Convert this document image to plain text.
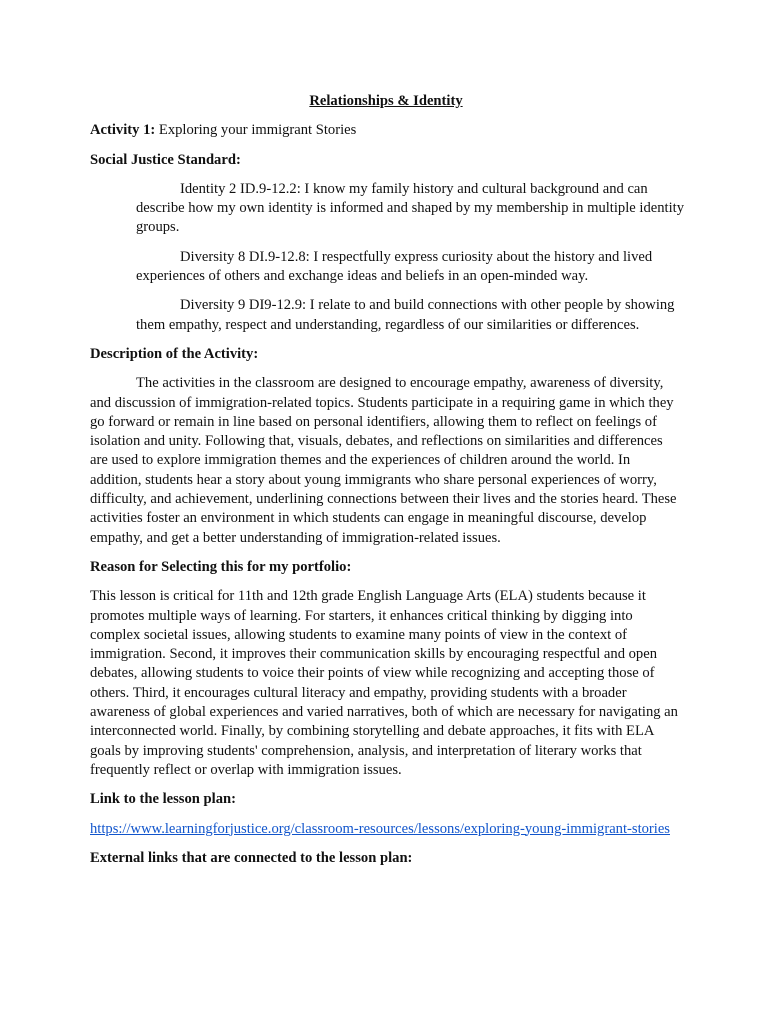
Relationships & Identity

Activity 1: Exploring your immigrant Stories

Social Justice Standard:

Identity 2 ID.9-12.2: I know my family history and cultural background and can describe how my own identity is informed and shaped by my membership in multiple identity groups.

Diversity 8 DI.9-12.8: I respectfully express curiosity about the history and lived experiences of others and exchange ideas and beliefs in an open-minded way.

Diversity 9 DI9-12.9: I relate to and build connections with other people by showing them empathy, respect and understanding, regardless of our similarities or differences.

Description of the Activity:

The activities in the classroom are designed to encourage empathy, awareness of diversity, and discussion of immigration-related topics. Students participate in a requiring game in which they go forward or remain in line based on personal identifiers, allowing them to reflect on feelings of isolation and unity. Following that, visuals, debates, and reflections on similarities and differences are used to explore immigration themes and the experiences of children around the world. In addition, students hear a story about young immigrants who share personal experiences of worry, difficulty, and achievement, underlining connections between their lives and the stories heard. These activities foster an environment in which students can engage in meaningful discourse, develop empathy, and get a better understanding of immigration-related issues.

Reason for Selecting this for my portfolio:

This lesson is critical for 11th and 12th grade English Language Arts (ELA) students because it promotes multiple ways of learning. For starters, it enhances critical thinking by digging into complex societal issues, allowing students to examine many points of view in the context of immigration. Second, it improves their communication skills by encouraging respectful and open debates, allowing students to voice their points of view while recognizing and accepting those of others. Third, it encourages cultural literacy and empathy, providing students with a broader awareness of global experiences and varied narratives, both of which are necessary for navigating an interconnected world. Finally, by combining storytelling and debate approaches, it fits with ELA goals by improving students' comprehension, analysis, and interpretation of literary works that frequently reflect or overlap with immigration issues.

Link to the lesson plan:

https://www.learningforjustice.org/classroom-resources/lessons/exploring-young-immigrant-stories

External links that are connected to the lesson plan:
